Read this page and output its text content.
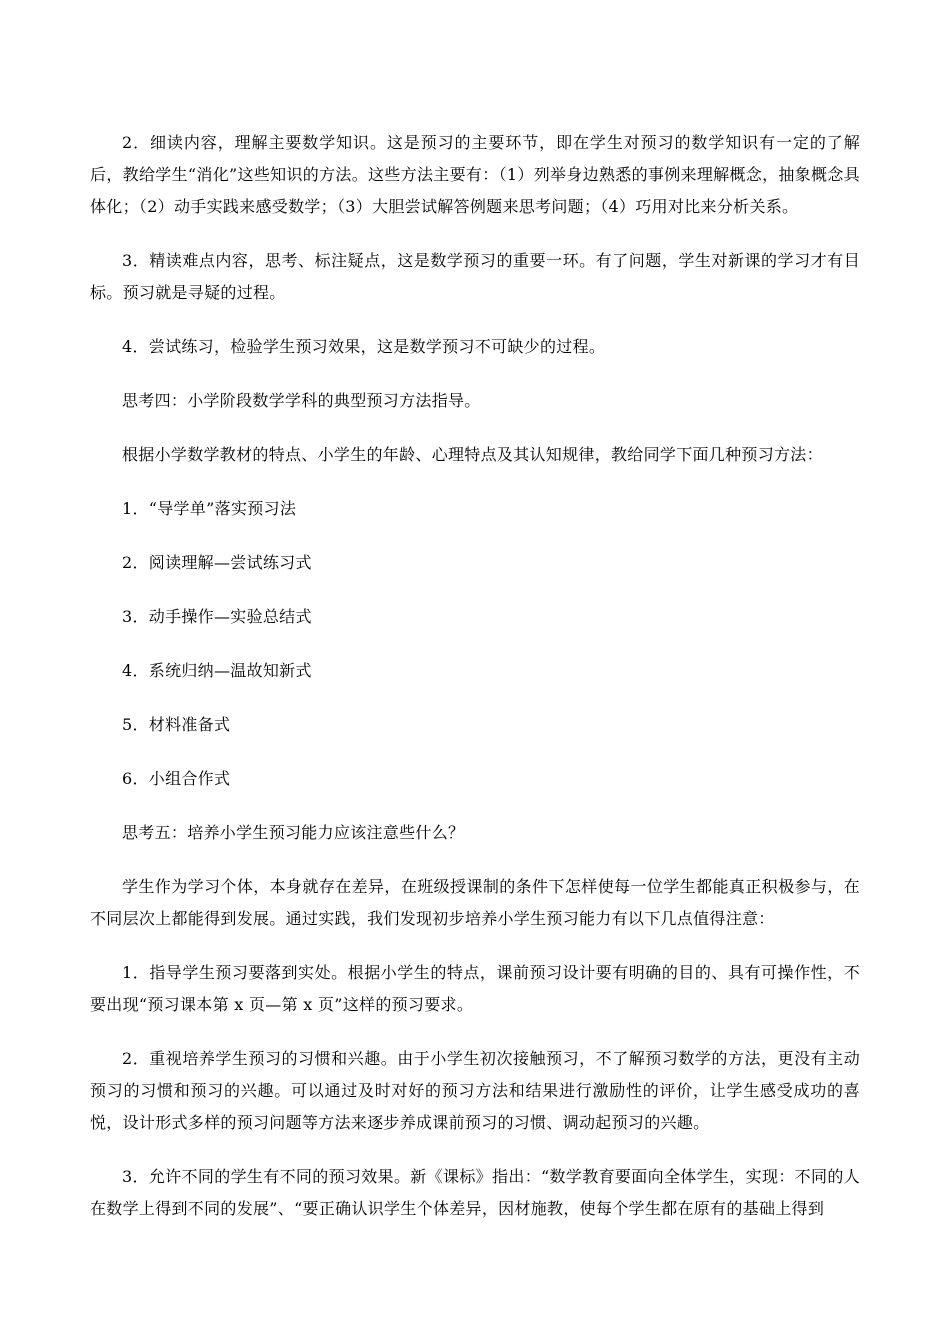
2．细读内容，理解主要数学知识。这是预习的主要环节，即在学生对预习的数学知识有一定的了解后，教给学生“消化”这些知识的方法。这些方法主要有：（1）列举身边熟悉的事例来理解概念，抽象概念具体化；（2）动手实践来感受数学；（3）大胆尝试解答例题来思考问题；（4）巧用对比来分析关系。

3．精读难点内容，思考、标注疑点，这是数学预习的重要一环。有了问题，学生对新课的学习才有目标。预习就是寻疑的过程。

4．尝试练习，检验学生预习效果，这是数学预习不可缺少的过程。

思考四：小学阶段数学学科的典型预习方法指导。

根据小学数学教材的特点、小学生的年龄、心理特点及其认知规律，教给同学下面几种预习方法：

1．“导学单”落实预习法

2．阅读理解—尝试练习式

3．动手操作—实验总结式

4．系统归纳—温故知新式

5．材料准备式

6．小组合作式

思考五：培养小学生预习能力应该注意些什么？

学生作为学习个体，本身就存在差异，在班级授课制的条件下怎样使每一位学生都能真正积极参与，在不同层次上都能得到发展。通过实践，我们发现初步培养小学生预习能力有以下几点值得注意：

1．指导学生预习要落到实处。根据小学生的特点，课前预习设计要有明确的目的、具有可操作性，不要出现“预习课本第 x 页—第 x 页”这样的预习要求。

2．重视培养学生预习的习惯和兴趣。由于小学生初次接触预习，不了解预习数学的方法，更没有主动预习的习惯和预习的兴趣。可以通过及时对好的预习方法和结果进行激励性的评价，让学生感受成功的喜悦，设计形式多样的预习问题等方法来逐步养成课前预习的习惯、调动起预习的兴趣。

3．允许不同的学生有不同的预习效果。新《课标》指出：“数学教育要面向全体学生，实现：不同的人在数学上得到不同的发展”、“要正确认识学生个体差异，因材施教，使每个学生都在原有的基础上得到
